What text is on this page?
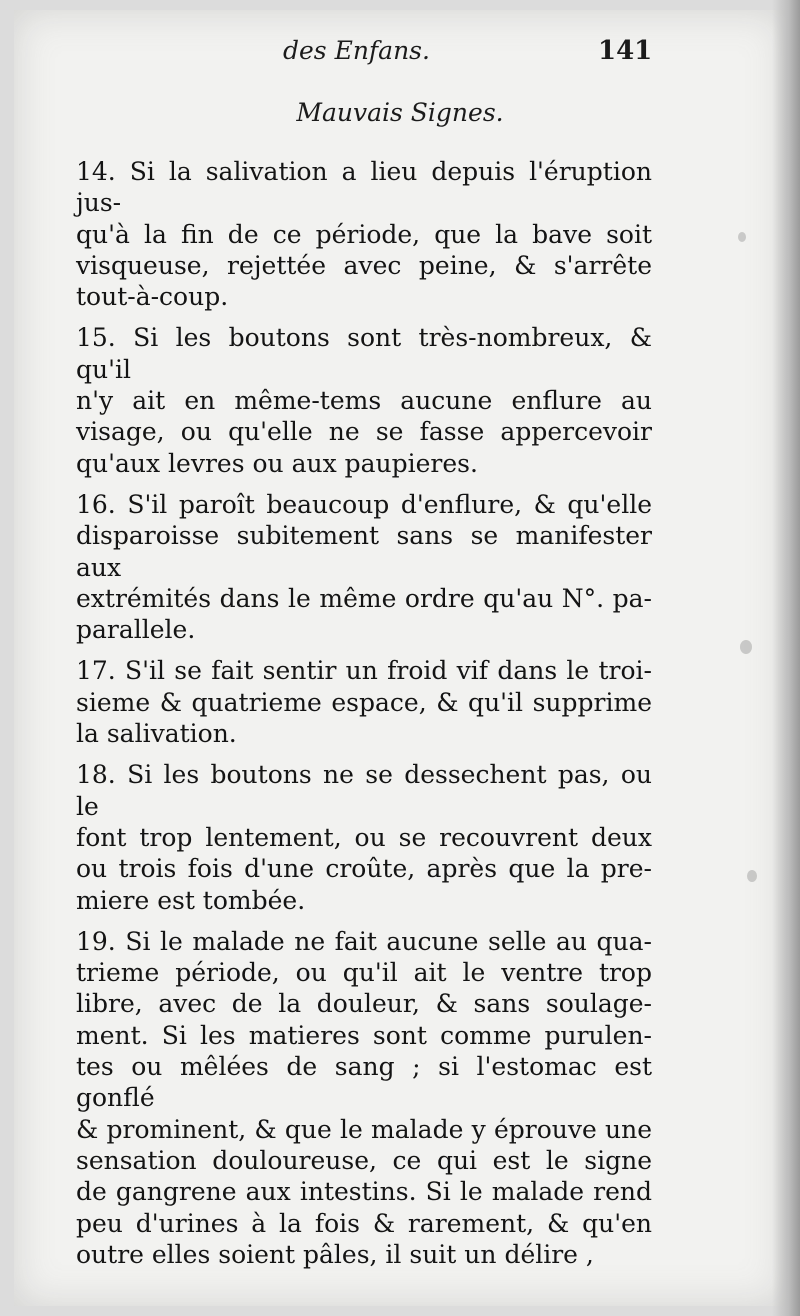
des Enfans.	141
Mauvais Signes.
14. Si la salivation a lieu depuis l'éruption jus-
qu'à la fin de ce période, que la bave soit
visqueuse, rejettée avec peine, & s'arrête
tout-à-coup.
15. Si les boutons sont très-nombreux, & qu'il
n'y ait en même-tems aucune enflure au
visage, ou qu'elle ne se fasse appercevoir
qu'aux levres ou aux paupieres.
16. S'il paroît beaucoup d'enflure, & qu'elle
disparoisse subitement sans se manifester aux
extrémités dans le même ordre qu'au N°. pa-
parallele.
17. S'il se fait sentir un froid vif dans le troi-
sieme & quatrieme espace, & qu'il supprime
la salivation.
18. Si les boutons ne se dessechent pas, ou le
font trop lentement, ou se recouvrent deux
ou trois fois d'une croûte, après que la pre-
miere est tombée.
19. Si le malade ne fait aucune selle au qua-
trieme période, ou qu'il ait le ventre trop
libre, avec de la douleur, & sans soulage-
ment. Si les matieres sont comme purulen-
tes ou mêlées de sang ; si l'estomac est gonflé
& prominent, & que le malade y éprouve une
sensation douloureuse, ce qui est le signe
de gangrene aux intestins. Si le malade rend
peu d'urines à la fois & rarement, & qu'en
outre elles soient pâles, il suit un délire ,
